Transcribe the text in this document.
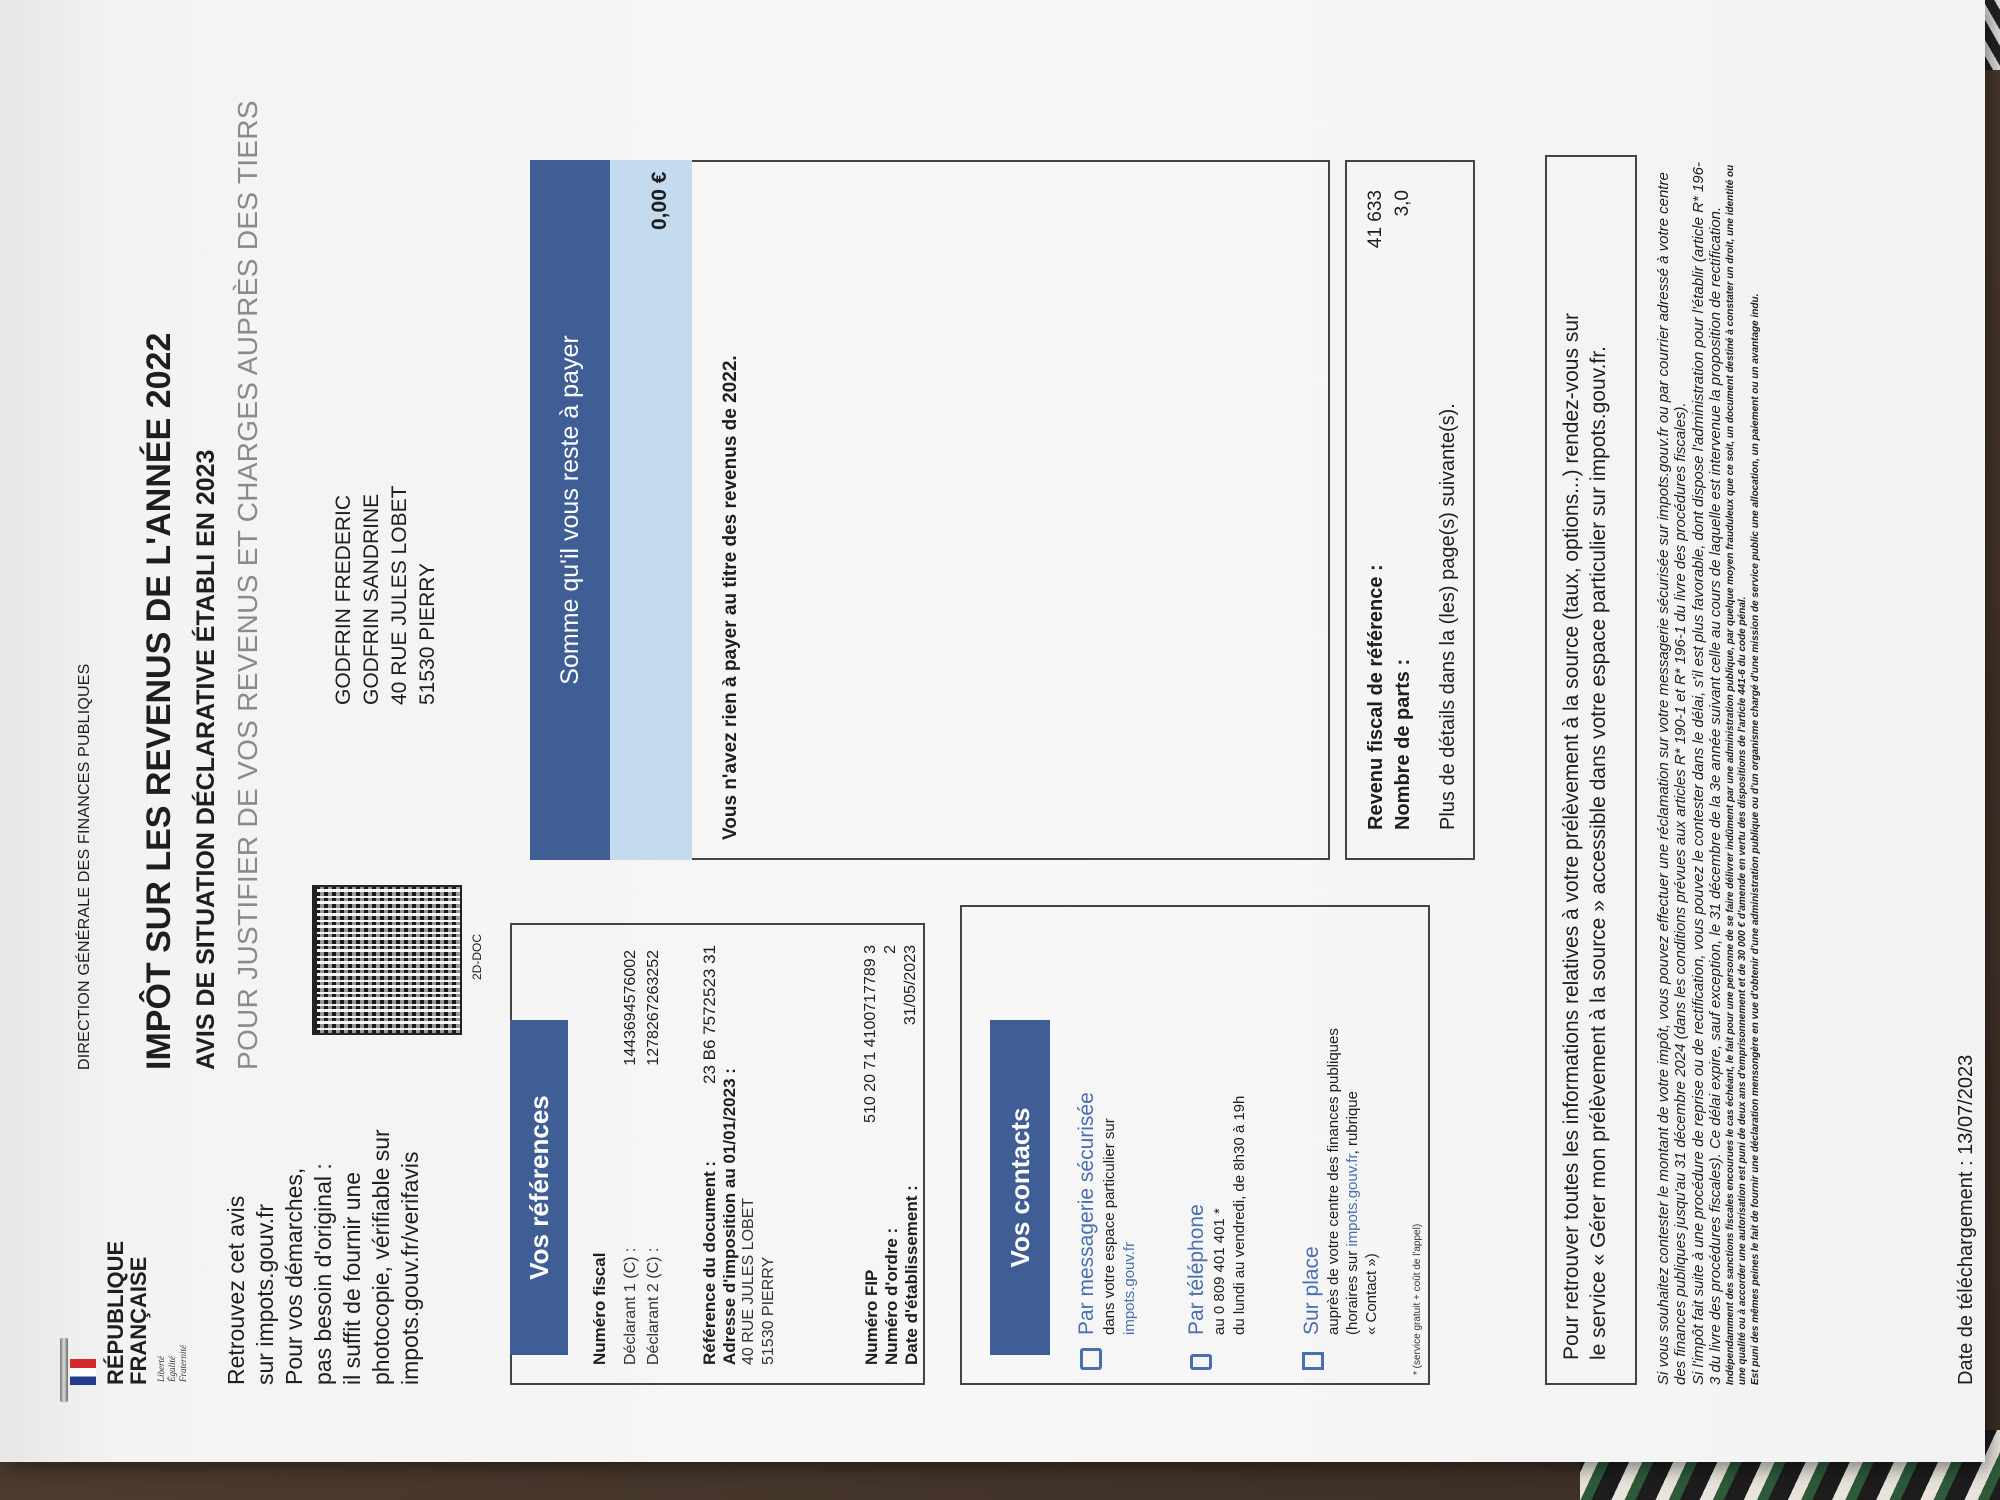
RÉPUBLIQUE FRANÇAISE Liberté Égalité Fraternité
DIRECTION GÉNÉRALE DES FINANCES PUBLIQUES IMPÔT SUR LES REVENUS DE L'ANNÉE 2022 AVIS DE SITUATION DÉCLARATIVE ÉTABLI EN 2023 POUR JUSTIFIER DE VOS REVENUS ET CHARGES AUPRÈS DES TIERS
Retrouvez cet avis sur impots.gouv.fr Pour vos démarches, pas besoin d'original : il suffit de fournir une photocopie, vérifiable sur impots.gouv.fr/verifavis
2D-DOC
GODFRIN FREDERIC GODFRIN SANDRINE 40 RUE JULES LOBET 51530 PIERRY
Vos références
Numéro fiscal Déclarant 1 (C) :
1443694576002
Déclarant 2 (C) :
1278267263252
Référence du document :
23 B6 7572523 31
Adresse d'imposition au 01/01/2023 : 40 RUE JULES LOBET 51530 PIERRY	Numéro FIP
510 20 71 4100717789 3
Numéro d'ordre :
2
Date d'établissement :
31/05/2023
Vos contacts	Par messagerie sécurisée dans votre espace particulier sur impots.gouv.fr Par téléphone au 0 809 401 401 * du lundi au vendredi, de 8h30 à 19h Sur place auprès de votre centre des finances publiques (horaires sur impots.gouv.fr, rubrique
« Contact »)	* (service gratuit + coût de l'appel)
Somme qu'il vous reste à payer
0,00 €
Vous n'avez rien à payer au titre des revenus de 2022.	Revenu fiscal de référence :
41 633
Nombre de parts :
3,0
Plus de détails dans la (les) page(s) suivante(s).	Pour retrouver toutes les informations relatives à votre prélèvement à la source (taux, options...) rendez-vous sur le service « Gérer mon prélèvement à la source » accessible dans votre espace particulier sur impots.gouv.fr.	Si vous souhaitez contester le montant de votre impôt, vous pouvez effectuer une réclamation sur votre messagerie sécurisée sur impots.gouv.fr ou par courrier adressé à votre centre des finances publiques jusqu'au 31 décembre 2024 (dans les conditions prévues aux articles R* 190-1 et R* 196-1 du livre des procédures fiscales). Si l'impôt fait suite à une procédure de reprise ou de rectification, vous pouvez le contester dans le délai, s'il est plus favorable, dont dispose l'administration pour l'établir (article R* 196-3 du livre des procédures fiscales). Ce délai expire, sauf exception, le 31 décembre de la 3e année suivant celle au cours de laquelle est intervenue la proposition de rectification. Indépendamment des sanctions fiscales encourues le cas échéant, le fait pour une personne de se faire délivrer indûment par une administration publique, par quelque moyen frauduleux que ce soit, un document destiné à constater un droit, une identité ou une qualité ou à accorder une autorisation est puni de deux ans d'emprisonnement et de 30 000 € d'amende en vertu des dispositions de l'article 441-6 du code pénal. Est puni des mêmes peines le fait de fournir une déclaration mensongère en vue d'obtenir d'une administration publique ou d'un organisme chargé d'une mission de service public une allocation, un paiement ou un avantage indu.	Date de téléchargement : 13/07/2023
